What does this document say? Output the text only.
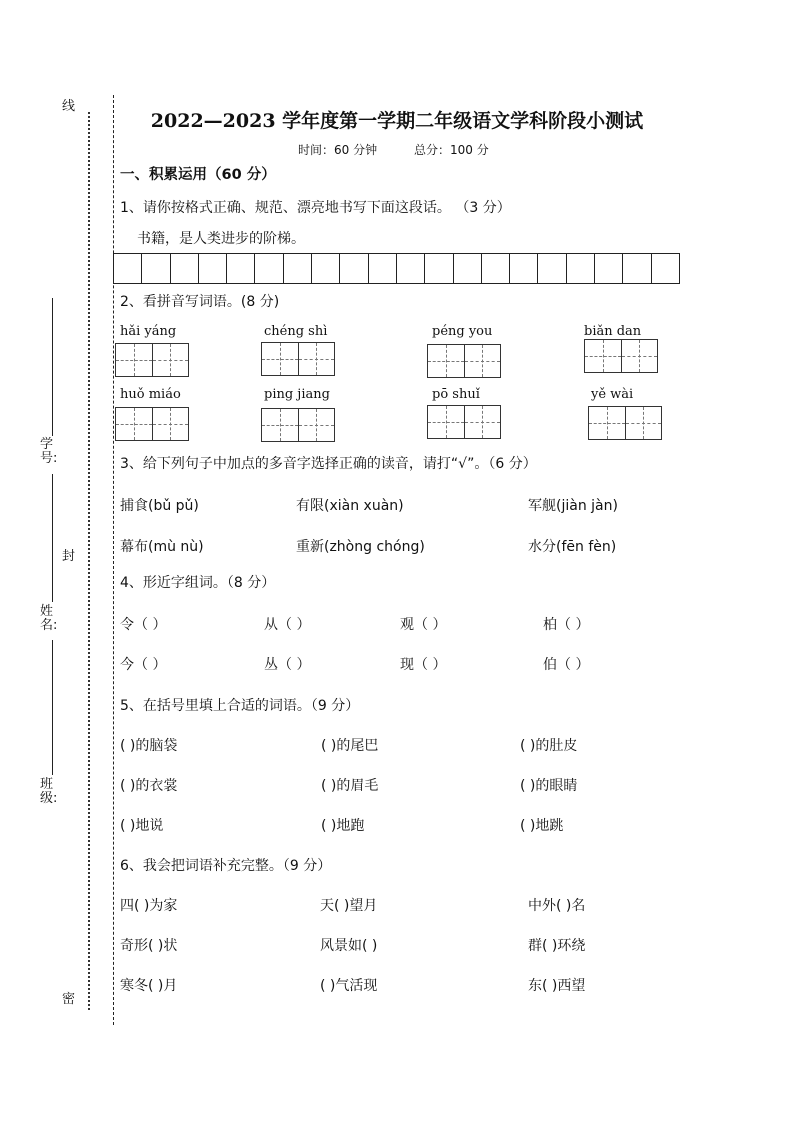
线
封
密
学号:
姓名:
班级:
2022—2023 学年度第一学期二年级语文学科阶段小测试
时间：60 分钟	总分：100 分
一、积累运用（60 分）
1、请你按格式正确、规范、漂亮地书写下面这段话。 （3 分）
书籍，是人类进步的阶梯。
2、看拼音写词语。(8 分)
hǎi yáng	chéng shì	péng you	biǎn dan
huǒ miáo	ping jiang	pō shuǐ	yě wài
3、给下列句子中加点的多音字选择正确的读音，请打“√”。（6 分）
捕食(bǔ pǔ)	有限(xiàn xuàn)	军舰(jiàn jàn)
幕布(mù nù)	重新(zhòng chóng)	水分(fēn fèn)
4、形近字组词。（8 分）
令（ ）	从（ ）	观（ ）	柏（ ）
今（ ）	丛（ ）	现（ ）	伯（ ）
5、在括号里填上合适的词语。（9 分）
( )的脑袋	( )的尾巴	( )的肚皮
( )的衣裳	( )的眉毛	( )的眼睛
( )地说	( )地跑	( )地跳
6、我会把词语补充完整。（9 分）
四( )为家	天( )望月	中外( )名
奇形( )状	风景如( )	群( )环绕
寒冬( )月	( )气活现	东( )西望
